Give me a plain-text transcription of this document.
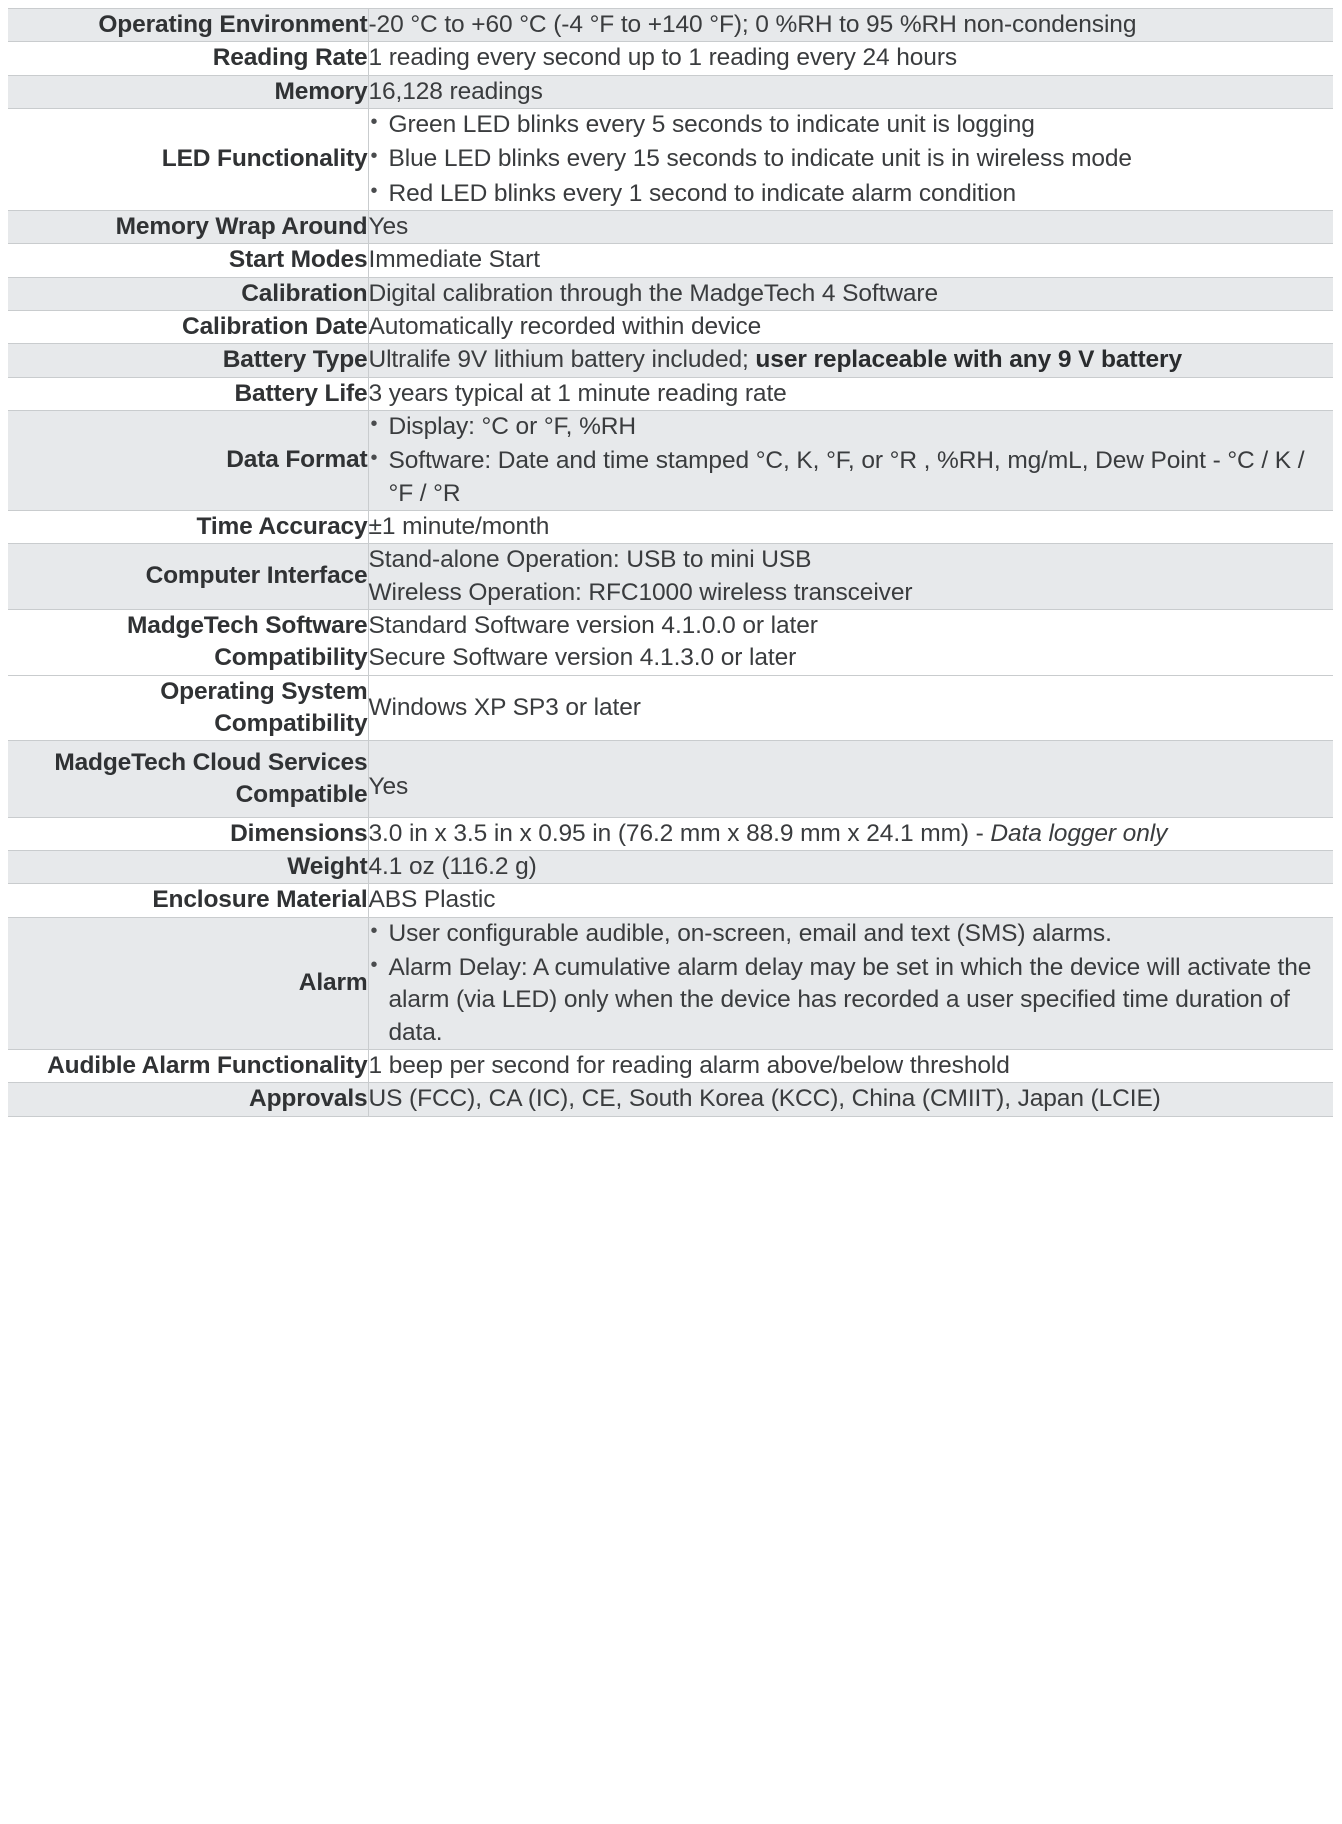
Operating Environment	-20 °C to +60 °C (-4 °F to +140 °F); 0 %RH to 95 %RH non-condensing
Reading Rate	1 reading every second up to 1 reading every 24 hours
Memory	16,128 readings
LED Functionality	
• Green LED blinks every 5 seconds to indicate unit is logging
• Blue LED blinks every 15 seconds to indicate unit is in wireless mode
• Red LED blinks every 1 second to indicate alarm condition

Memory Wrap Around	Yes
Start Modes	Immediate Start
Calibration	Digital calibration through the MadgeTech 4 Software
Calibration Date	Automatically recorded within device
Battery Type	Ultralife 9V lithium battery included; user replaceable with any 9 V battery
Battery Life	3 years typical at 1 minute reading rate
Data Format	
• Display: °C or °F, %RH
• Software: Date and time stamped °C, K, °F, or °R , %RH, mg/mL, Dew Point - °C / K / °F / °R

Time Accuracy	±1 minute/month
Computer Interface	Stand-alone Operation: USB to mini USB
Wireless Operation: RFC1000 wireless transceiver

MadgeTech Software Compatibility	Standard Software version 4.1.0.0 or later
Secure Software version 4.1.3.0 or later

Operating System Compatibility	Windows XP SP3 or later
MadgeTech Cloud Services Compatible	Yes
Dimensions	3.0 in x 3.5 in x 0.95 in (76.2 mm x 88.9 mm x 24.1 mm) - Data logger only
Weight	4.1 oz (116.2 g)
Enclosure Material	ABS Plastic
Alarm	
• User configurable audible, on-screen, email and text (SMS) alarms.
• Alarm Delay: A cumulative alarm delay may be set in which the device will activate the alarm (via LED) only when the device has recorded a user specified time duration of data.

Audible Alarm Functionality	1 beep per second for reading alarm above/below threshold
Approvals	US (FCC), CA (IC), CE, South Korea (KCC), China (CMIIT), Japan (LCIE)
